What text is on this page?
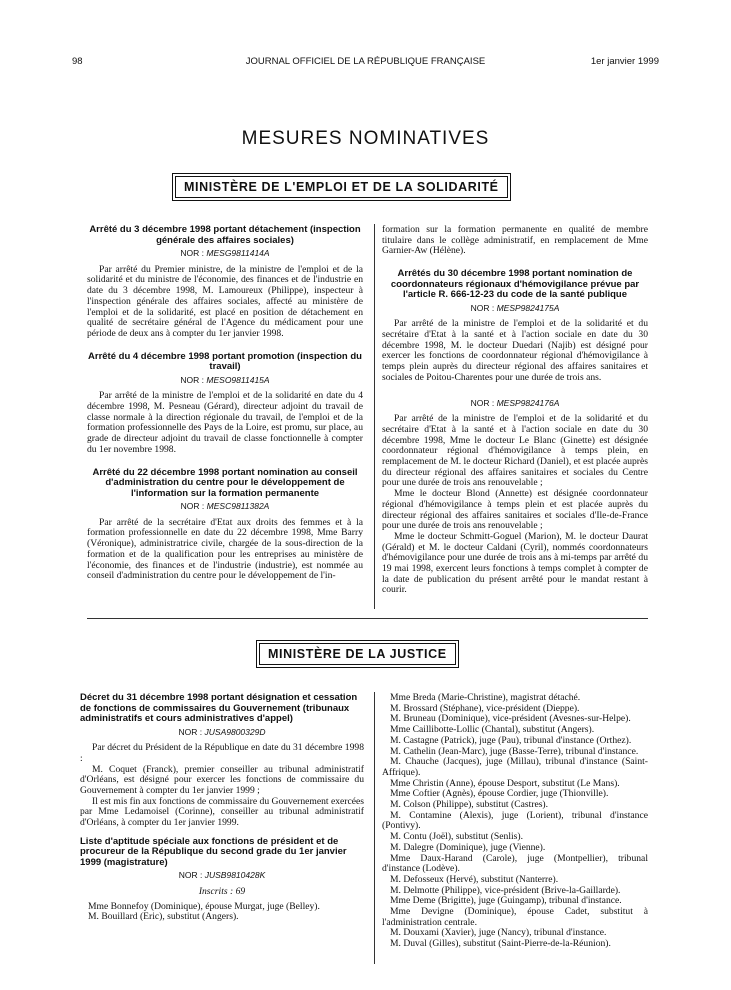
98	JOURNAL OFFICIEL DE LA RÉPUBLIQUE FRANÇAISE	1er janvier 1999
MESURES NOMINATIVES
MINISTÈRE DE L'EMPLOI ET DE LA SOLIDARITÉ
Arrêté du 3 décembre 1998 portant détachement (inspection générale des affaires sociales)
NOR : MESG9811414A

Par arrêté du Premier ministre, de la ministre de l'emploi et de la solidarité et du ministre de l'économie, des finances et de l'industrie en date du 3 décembre 1998, M. Lamoureux (Philippe), inspecteur à l'inspection générale des affaires sociales, affecté au ministère de l'emploi et de la solidarité, est placé en position de détachement en qualité de secrétaire général de l'Agence du médicament pour une période de deux ans à compter du 1er janvier 1998.

Arrêté du 4 décembre 1998 portant promotion (inspection du travail)
NOR : MESO9811415A

Par arrêté de la ministre de l'emploi et de la solidarité en date du 4 décembre 1998, M. Pesneau (Gérard), directeur adjoint du travail de classe normale à la direction régionale du travail, de l'emploi et de la formation professionnelle des Pays de la Loire, est promu, sur place, au grade de directeur adjoint du travail de classe fonctionnelle à compter du 1er novembre 1998.

Arrêté du 22 décembre 1998 portant nomination au conseil d'administration du centre pour le développement de l'information sur la formation permanente
NOR : MESC9811382A

Par arrêté de la secrétaire d'Etat aux droits des femmes et à la formation professionnelle en date du 22 décembre 1998, Mme Barry (Véronique), administratrice civile, chargée de la sous-direction de la formation et de la qualification pour les entreprises au ministère de l'économie, des finances et de l'industrie (industrie), est nommée au conseil d'administration du centre pour le développement de l'in-

formation sur la formation permanente en qualité de membre titulaire dans le collège administratif, en remplacement de Mme Garnier-Aw (Hélène).

Arrêtés du 30 décembre 1998 portant nomination de coordonnateurs régionaux d'hémovigilance prévue par l'article R. 666-12-23 du code de la santé publique
NOR : MESP9824175A

Par arrêté de la ministre de l'emploi et de la solidarité et du secrétaire d'Etat à la santé et à l'action sociale en date du 30 décembre 1998, M. le docteur Duedari (Najib) est désigné pour exercer les fonctions de coordonnateur régional d'hémovigilance à temps plein auprès du directeur régional des affaires sanitaires et sociales de Poitou-Charentes pour une durée de trois ans.

NOR : MESP9824176A

Par arrêté de la ministre de l'emploi et de la solidarité et du secrétaire d'Etat à la santé et à l'action sociale en date du 30 décembre 1998, Mme le docteur Le Blanc (Ginette) est désignée coordonnateur régional d'hémovigilance à temps plein, en remplacement de M. le docteur Richard (Daniel), et est placée auprès du directeur régional des affaires sanitaires et sociales du Centre pour une durée de trois ans renouvelable ;

Mme le docteur Blond (Annette) est désignée coordonnateur régional d'hémovigilance à temps plein et est placée auprès du directeur régional des affaires sanitaires et sociales d'Ile-de-France pour une durée de trois ans renouvelable ;

Mme le docteur Schmitt-Goguel (Marion), M. le docteur Daurat (Gérald) et M. le docteur Caldani (Cyril), nommés coordonnateurs d'hémovigilance pour une durée de trois ans à mi-temps par arrêté du 19 mai 1998, exercent leurs fonctions à temps complet à compter de la date de publication du présent arrêté pour le mandat restant à courir.

MINISTÈRE DE LA JUSTICE
Décret du 31 décembre 1998 portant désignation et cessation de fonctions de commissaires du Gouvernement (tribunaux administratifs et cours administratives d'appel)
NOR : JUSA9800329D

Par décret du Président de la République en date du 31 décembre 1998 :

M. Coquet (Franck), premier conseiller au tribunal administratif d'Orléans, est désigné pour exercer les fonctions de commissaire du Gouvernement à compter du 1er janvier 1999 ;

Il est mis fin aux fonctions de commissaire du Gouvernement exercées par Mme Ledamoisel (Corinne), conseiller au tribunal administratif d'Orléans, à compter du 1er janvier 1999.

Liste d'aptitude spéciale aux fonctions de président et de procureur de la République du second grade du 1er janvier 1999 (magistrature)
NOR : JUSB9810428K
Inscrits : 69

Mme Bonnefoy (Dominique), épouse Murgat, juge (Belley).

M. Bouillard (Eric), substitut (Angers).

Mme Breda (Marie-Christine), magistrat détaché.

M. Brossard (Stéphane), vice-président (Dieppe).

M. Bruneau (Dominique), vice-président (Avesnes-sur-Helpe).

Mme Caillibotte-Lollic (Chantal), substitut (Angers).

M. Castagne (Patrick), juge (Pau), tribunal d'instance (Orthez).

M. Cathelin (Jean-Marc), juge (Basse-Terre), tribunal d'instance.

M. Chauche (Jacques), juge (Millau), tribunal d'instance (Saint-Affrique).

Mme Christin (Anne), épouse Desport, substitut (Le Mans).

Mme Coftier (Agnès), épouse Cordier, juge (Thionville).

M. Colson (Philippe), substitut (Castres).

M. Contamine (Alexis), juge (Lorient), tribunal d'instance (Pontivy).

M. Contu (Joël), substitut (Senlis).

M. Dalegre (Dominique), juge (Vienne).

Mme Daux-Harand (Carole), juge (Montpellier), tribunal d'instance (Lodève).

M. Defosseux (Hervé), substitut (Nanterre).

M. Delmotte (Philippe), vice-président (Brive-la-Gaillarde).

Mme Deme (Brigitte), juge (Guingamp), tribunal d'instance.

Mme Devigne (Dominique), épouse Cadet, substitut à l'administration centrale.

M. Douxami (Xavier), juge (Nancy), tribunal d'instance.

M. Duval (Gilles), substitut (Saint-Pierre-de-la-Réunion).
